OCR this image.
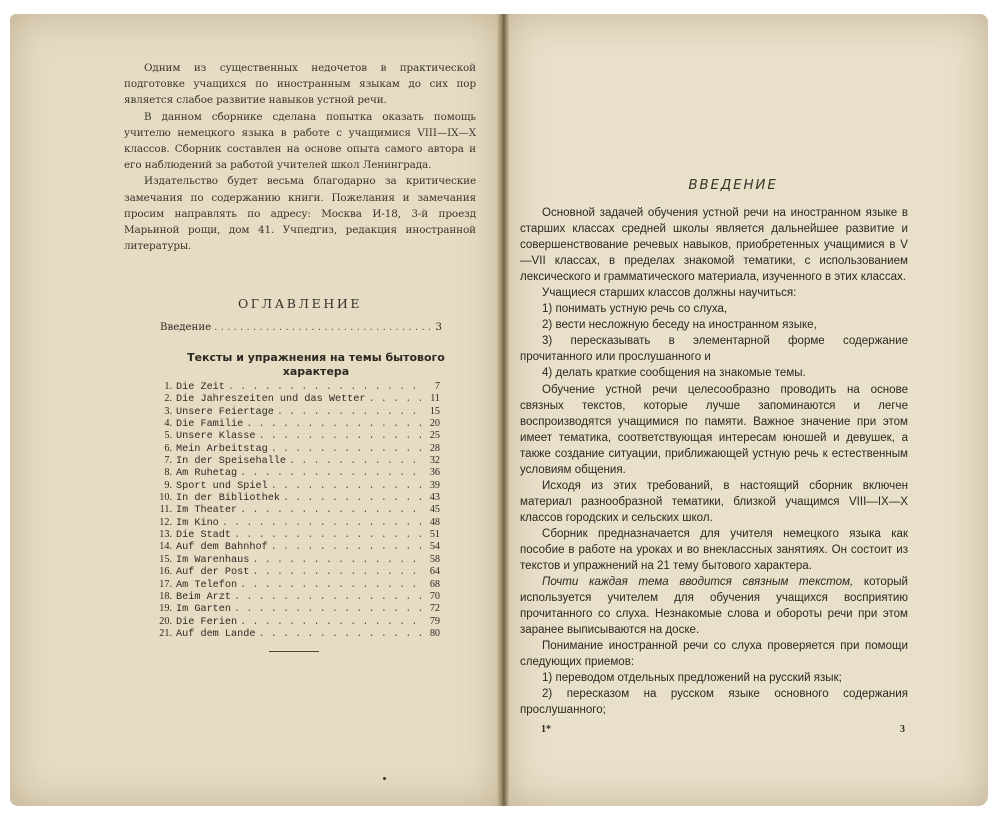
Одним из существенных недочетов в практической подготовке учащихся по иностранным языкам до сих пор является слабое развитие навыков устной речи.

В данном сборнике сделана попытка оказать помощь учителю немецкого языка в работе с учащимися VIII—IX—X классов. Сборник составлен на основе опыта самого автора и его наблюдений за работой учителей школ Ленинграда.

Издательство будет весьма благодарно за критические замечания по содержанию книги. Пожелания и замечания просим направлять по адресу: Москва И-18, 3-й проезд Марьиной рощи, дом 41. Учпедгиз, редакция иностранной литературы.

ОГЛАВЛЕНИЕ
Введение . . .	3
Тексты и упражнения на темы бытового характера
1. Die Zeit . . .	7
2. Die Jahreszeiten und das Wetter . . .	11
3. Unsere Feiertage . . .	15
4. Die Familie . . .	20
5. Unsere Klasse . . .	25
6. Mein Arbeitstag . . .	28
7. In der Speisehalle . . .	32
8. Am Ruhetag . . .	36
9. Sport und Spiel . . .	39
10. In der Bibliothek . . .	43
11. Im Theater . . .	45
12. Im Kino . . .	48
13. Die Stadt . . .	51
14. Auf dem Bahnhof . . .	54
15. Im Warenhaus . . .	58
16. Auf der Post . . .	64
17. Am Telefon . . .	68
18. Beim Arzt . . .	70
19. Im Garten . . .	72
20. Die Ferien . . .	79
21. Auf dem Lande . . .	80
ВВЕДЕНИЕ

Основной задачей обучения устной речи на иностранном языке в старших классах средней школы является дальнейшее развитие и совершенствование речевых навыков, приобретенных учащимися в V—VII классах, в пределах знакомой тематики, с использованием лексического и грамматического материала, изученного в этих классах.

Учащиеся старших классов должны научиться:

1) понимать устную речь со слуха,

2) вести несложную беседу на иностранном языке,

3) пересказывать в элементарной форме содержание прочитанного или прослушанного и

4) делать краткие сообщения на знакомые темы.

Обучение устной речи целесообразно проводить на основе связных текстов, которые лучше запоминаются и легче воспроизводятся учащимися по памяти. Важное значение при этом имеет тематика, соответствующая интересам юношей и девушек, а также создание ситуации, приближающей устную речь к естественным условиям общения.

Исходя из этих требований, в настоящий сборник включен материал разнообразной тематики, близкой учащимся VIII—IX—X классов городских и сельских школ.

Сборник предназначается для учителя немецкого языка как пособие в работе на уроках и во внеклассных занятиях. Он состоит из текстов и упражнений на 21 тему бытового характера.

Почти каждая тема вводится связным текстом, который используется учителем для обучения учащихся восприятию прочитанного со слуха. Незнакомые слова и обороты речи при этом заранее выписываются на доске.

Понимание иностранной речи со слуха проверяется при помощи следующих приемов:

1) переводом отдельных предложений на русский язык;

2) пересказом на русском языке основного содержания прослушанного;

1*	3
